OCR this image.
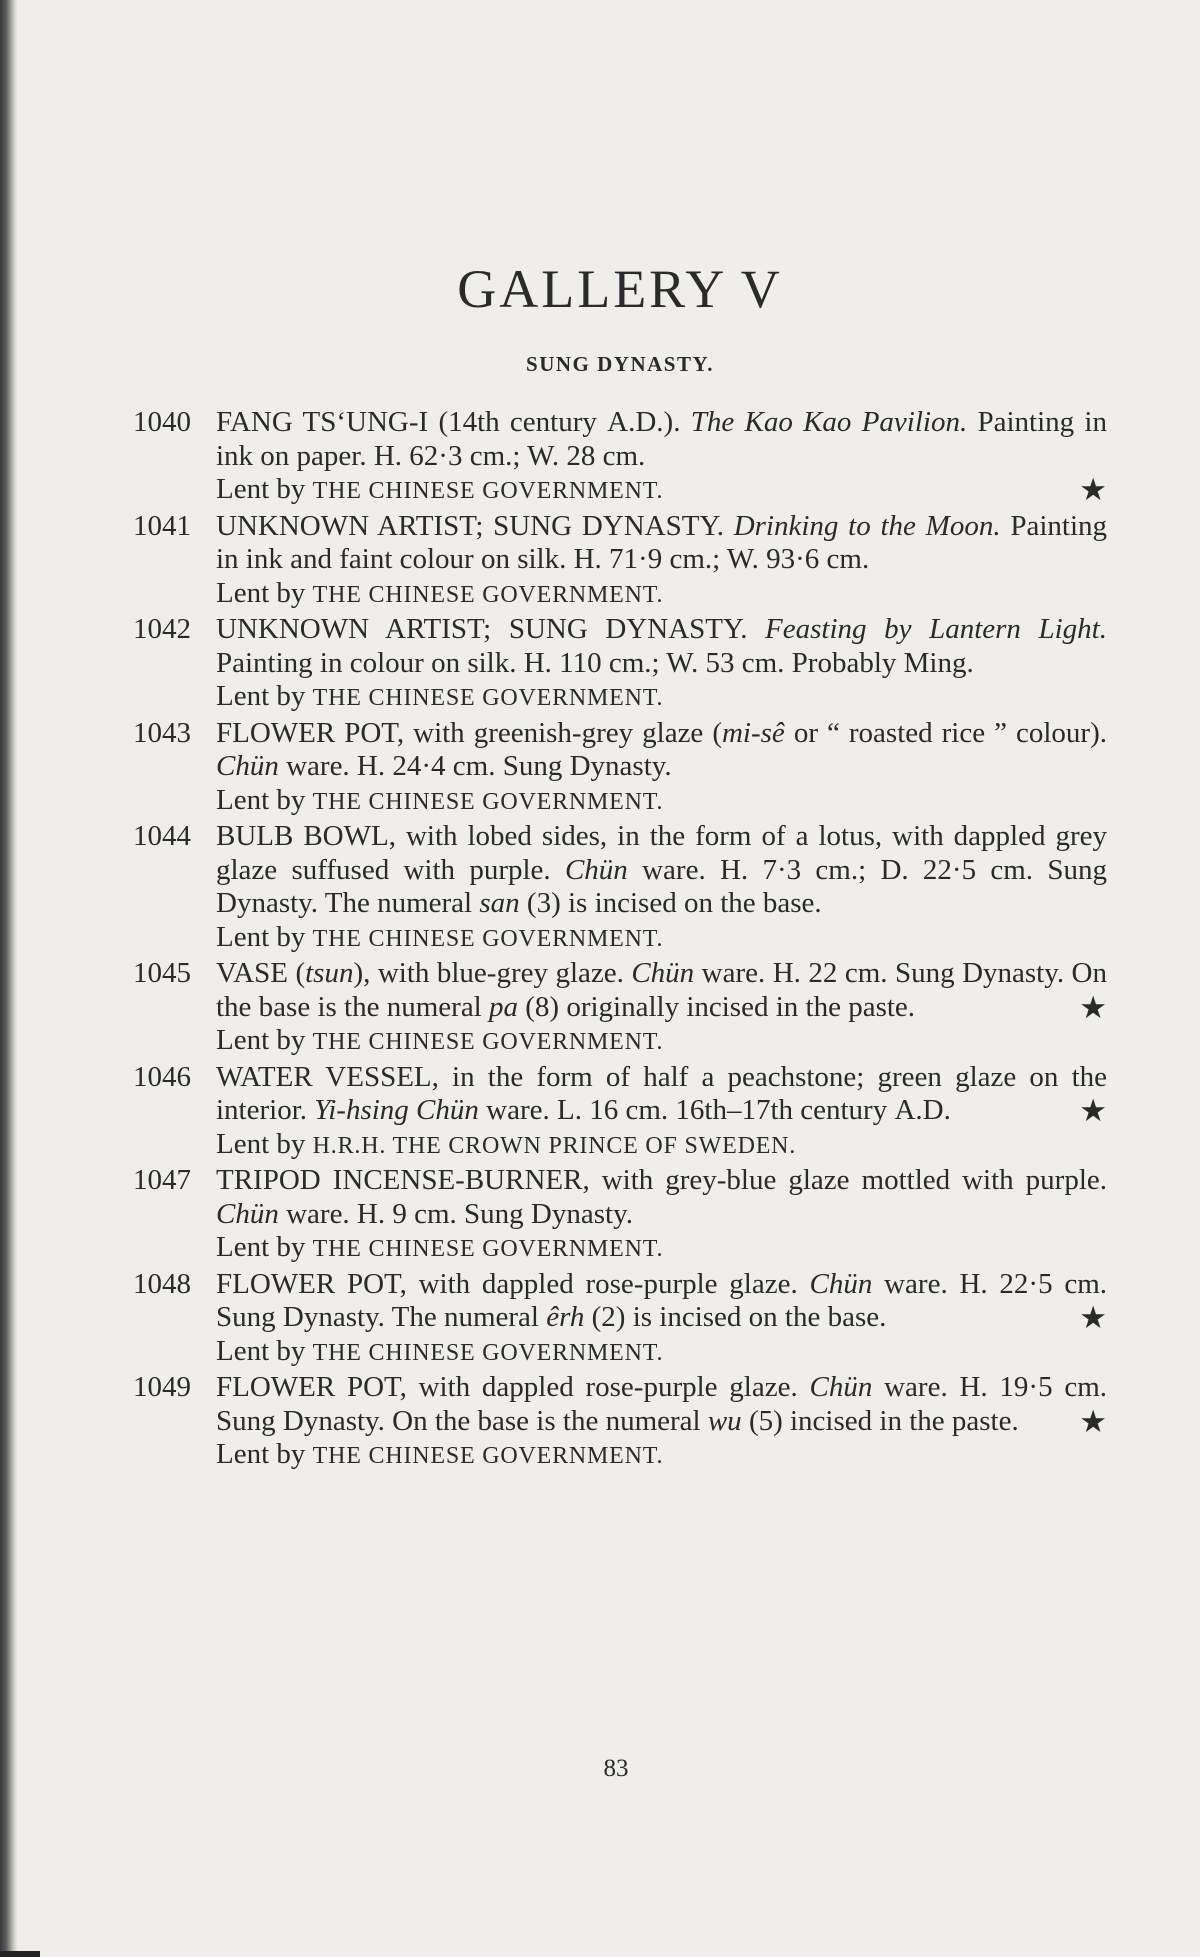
GALLERY V
SUNG DYNASTY.
1040 FANG TS‘UNG-I (14th century A.D.). The Kao Kao Pavilion. Painting in ink on paper. H. 62·3 cm.; W. 28 cm.
Lent by THE CHINESE GOVERNMENT.	★
1041 UNKNOWN ARTIST; SUNG DYNASTY. Drinking to the Moon. Painting in ink and faint colour on silk. H. 71·9 cm.; W. 93·6 cm.
Lent by THE CHINESE GOVERNMENT.
1042 UNKNOWN ARTIST; SUNG DYNASTY. Feasting by Lantern Light. Painting in colour on silk. H. 110 cm.; W. 53 cm. Probably Ming.
Lent by THE CHINESE GOVERNMENT.
1043 FLOWER POT, with greenish-grey glaze (mi-sê or “ roasted rice ” colour). Chün ware. H. 24·4 cm. Sung Dynasty.
Lent by THE CHINESE GOVERNMENT.
1044 BULB BOWL, with lobed sides, in the form of a lotus, with dappled grey glaze suffused with purple. Chün ware. H. 7·3 cm.; D. 22·5 cm. Sung Dynasty. The numeral san (3) is incised on the base.
Lent by THE CHINESE GOVERNMENT.
1045 VASE (tsun), with blue-grey glaze. Chün ware. H. 22 cm. Sung Dynasty. On the base is the numeral pa (8) originally incised in the paste.	★
Lent by THE CHINESE GOVERNMENT.
1046 WATER VESSEL, in the form of half a peachstone; green glaze on the interior. Yi-hsing Chün ware. L. 16 cm. 16th–17th century A.D.	★
Lent by H.R.H. THE CROWN PRINCE OF SWEDEN.
1047 TRIPOD INCENSE-BURNER, with grey-blue glaze mottled with purple. Chün ware. H. 9 cm. Sung Dynasty.
Lent by THE CHINESE GOVERNMENT.
1048 FLOWER POT, with dappled rose-purple glaze. Chün ware. H. 22·5 cm. Sung Dynasty. The numeral êrh (2) is incised on the base.	★
Lent by THE CHINESE GOVERNMENT.
1049 FLOWER POT, with dappled rose-purple glaze. Chün ware. H. 19·5 cm. Sung Dynasty. On the base is the numeral wu (5) incised in the paste. ★
Lent by THE CHINESE GOVERNMENT.
83
